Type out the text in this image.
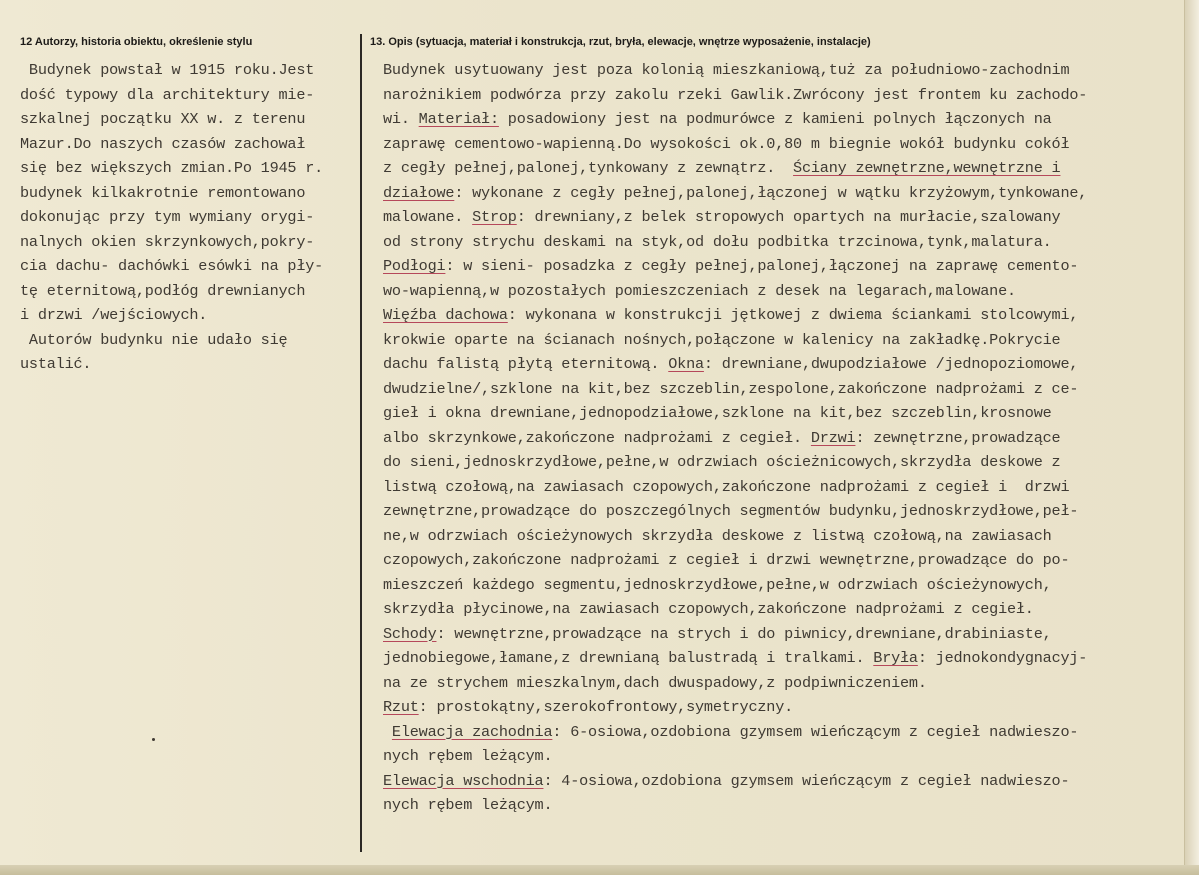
12 Autorzy, historia obiektu, określenie stylu	13. Opis (sytuacja, materiał i konstrukcja, rzut, bryła, elewacje, wnętrze wyposażenie, instalacje)
Budynek powstał w 1915 roku.Jest
dość typowy dla architektury mie-
szkalnej początku XX w. z terenu
Mazur.Do naszych czasów zachował
się bez większych zmian.Po 1945 r.
budynek kilkakrotnie remontowano
dokonując przy tym wymiany orygi-
nalnych okien skrzynkowych,pokry-
cia dachu- dachówki esówki na pły-
tę eternitową,podłóg drewnianych
i drzwi /wejściowych.
Autorów budynku nie udało się
ustalić.
Budynek usytuowany jest poza kolonią mieszkaniową,tuż za południowo-zachodnim
narożnikiem podwórza przy zakolu rzeki Gawlik.Zwrócony jest frontem ku zachodo-
wi. Materiał: posadowiony jest na podmurówce z kamieni polnych łączonych na
zaprawę cementowo-wapienną.Do wysokości ok.0,80 m biegnie wokół budynku cokół
z cegły pełnej,palonej,tynkowany z zewnątrz.  Ściany zewnętrzne,wewnętrzne i
działowe: wykonane z cegły pełnej,palonej,łączonej w wątku krzyżowym,tynkowane,
malowane. Strop: drewniany,z belek stropowych opartych na murłacie,szalowany
od strony strychu deskami na styk,od dołu podbitka trzcinowa,tynk,malatura.
Podłogi: w sieni- posadzka z cegły pełnej,palonej,łączonej na zaprawę cemento-
wo-wapienną,w pozostałych pomieszczeniach z desek na legarach,malowane.
Więźba dachowa: wykonana w konstrukcji jętkowej z dwiema ściankami stolcowymi,
krokwie oparte na ścianach nośnych,połączone w kalenicy na zakładkę.Pokrycie
dachu falistą płytą eternitową. Okna: drewniane,dwupodziałowe /jednopoziomowe,
dwudzielne/,szklone na kit,bez szczeblin,zespolone,zakończone nadprożami z ce-
gieł i okna drewniane,jednopodziałowe,szklone na kit,bez szczeblin,krosnowe
albo skrzynkowe,zakończone nadprożami z cegieł. Drzwi: zewnętrzne,prowadzące
do sieni,jednoskrzydłowe,pełne,w odrzwiach ościeżnicowych,skrzydła deskowe z
listwą czołową,na zawiasach czopowych,zakończone nadprożami z cegieł i  drzwi
zewnętrzne,prowadzące do poszczególnych segmentów budynku,jednoskrzydłowe,peł-
ne,w odrzwiach ościeżynowych skrzydła deskowe z listwą czołową,na zawiasach
czopowych,zakończone nadprożami z cegieł i drzwi wewnętrzne,prowadzące do po-
mieszczeń każdego segmentu,jednoskrzydłowe,pełne,w odrzwiach ościeżynowych,
skrzydła płycinowe,na zawiasach czopowych,zakończone nadprożami z cegieł.
Schody: wewnętrzne,prowadzące na strych i do piwnicy,drewniane,drabiniaste,
jednobiegowe,łamane,z drewnianą balustradą i tralkami. Bryła: jednokondygnacyj-
na ze strychem mieszkalnym,dach dwuspadowy,z podpiwniczeniem.
Rzut: prostokątny,szerokofrontowy,symetryczny.
Elewacja zachodnia: 6-osiowa,ozdobiona gzymsem wieńczącym z cegieł nadwieszo-
nych rębem leżącym.
Elewacja wschodnia: 4-osiowa,ozdobiona gzymsem wieńczącym z cegieł nadwieszo-
nych rębem leżącym.
